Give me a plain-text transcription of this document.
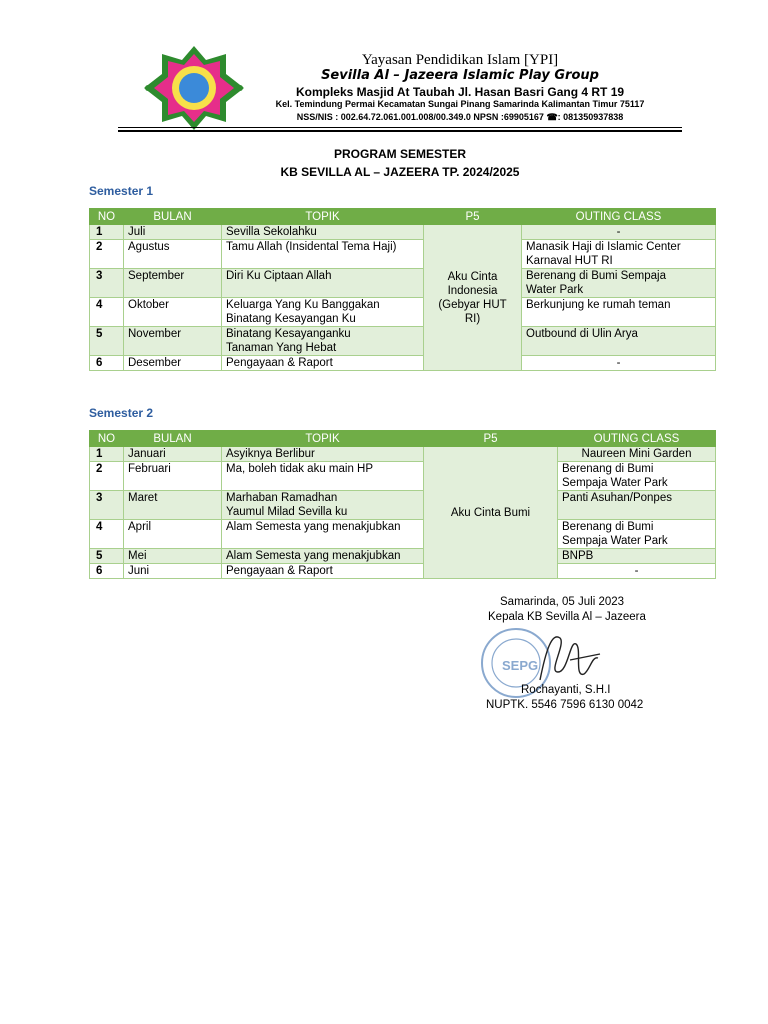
Yayasan Pendidikan Islam [YPI]
Sevilla Al – Jazeera Islamic Play Group
Kompleks Masjid At Taubah Jl. Hasan Basri Gang 4 RT 19
Kel. Temindung Permai Kecamatan Sungai Pinang Samarinda Kalimantan Timur 75117
NSS/NIS : 002.64.72.061.001.008/00.349.0 NPSN :69905167 ☎: 081350937838
PROGRAM SEMESTER
KB SEVILLA AL – JAZEERA TP. 2024/2025
Semester 1
NO	BULAN	TOPIK	P5	OUTING CLASS
1	Juli	Sevilla Sekolahku	Aku Cinta Indonesia (Gebyar HUT RI)	-

2	Agustus	Tamu Allah (Insidental Tema Haji)		Manasik Haji di Islamic Center
Karnaval HUT RI

3	September	Diri Ku Ciptaan Allah		Berenang di Bumi Sempaja
Water Park

4	Oktober	Keluarga Yang Ku Banggakan
Binatang Kesayangan Ku		Berkunjung ke rumah teman

5	November	Binatang Kesayanganku
Tanaman Yang Hebat		Outbound di Ulin Arya

6	Desember	Pengayaan & Raport		-
Semester 2
NO	BULAN	TOPIK	P5	OUTING CLASS
1	Januari	Asyiknya Berlibur	Aku Cinta Bumi	Naureen Mini Garden

2	Februari	Ma, boleh tidak aku main HP		Berenang di Bumi
Sempaja Water Park

3	Maret	Marhaban Ramadhan
Yaumul Milad Sevilla ku		Panti Asuhan/Ponpes

4	April	Alam Semesta yang menakjubkan		Berenang di Bumi
Sempaja Water Park

5	Mei	Alam Semesta yang menakjubkan		BNPB

6	Juni	Pengayaan & Raport		-
SEPG
Samarinda, 05 Juli 2023
Kepala KB Sevilla Al – Jazeera
Rochayanti, S.H.I
NUPTK. 5546 7596 6130 0042
